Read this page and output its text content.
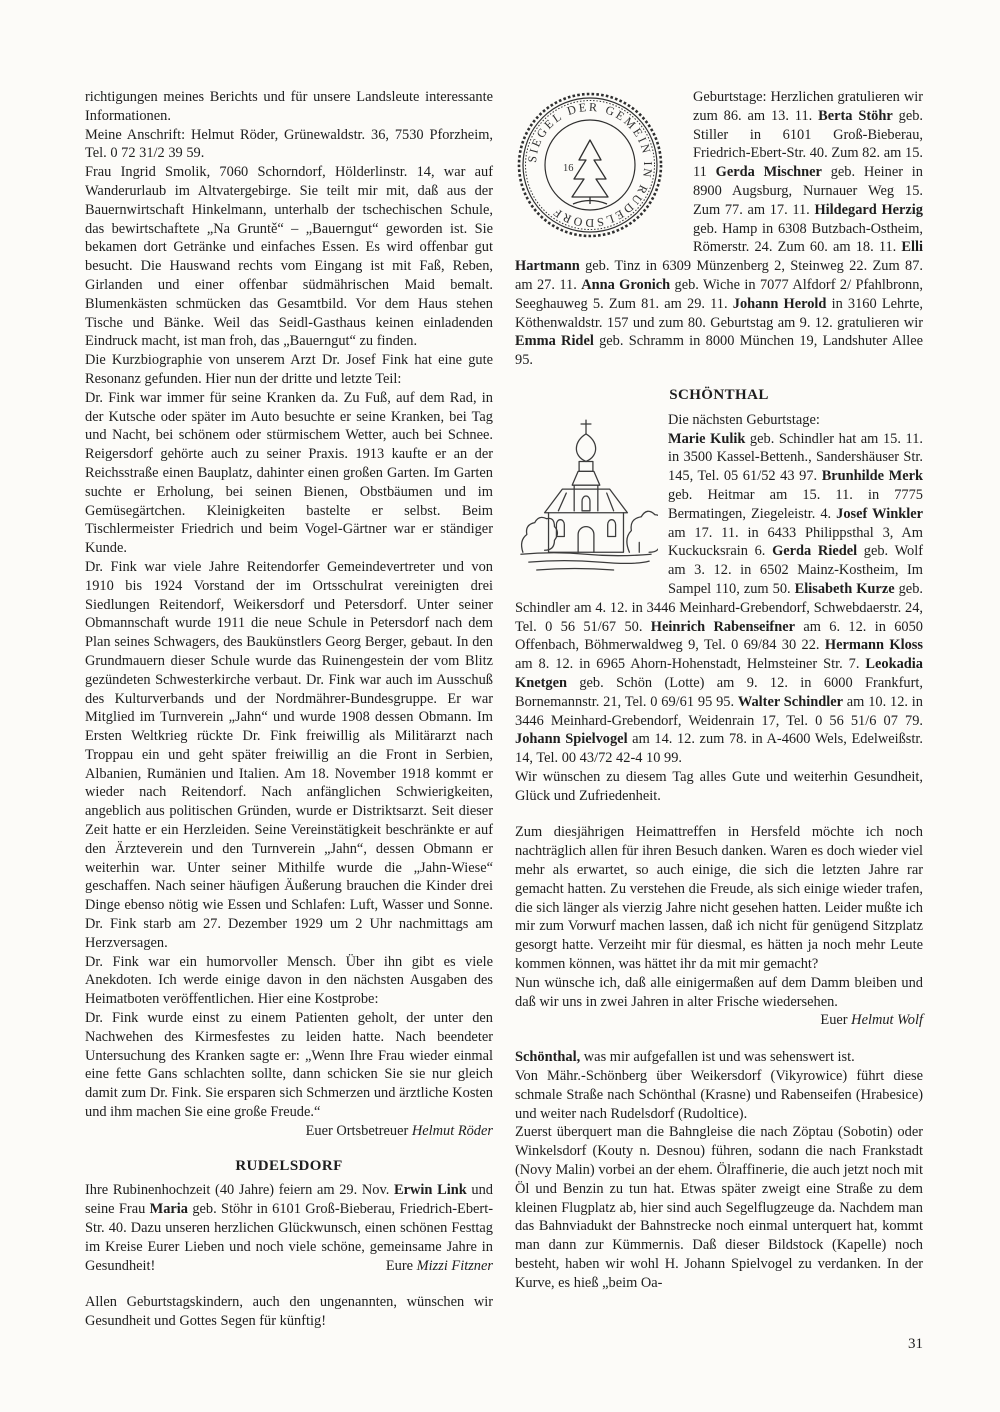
richtigungen meines Berichts und für unsere Landsleute interessante Informationen.

Meine Anschrift: Helmut Röder, Grünewaldstr. 36, 7530 Pforzheim, Tel. 0 72 31/2 39 59.

Frau Ingrid Smolik, 7060 Schorndorf, Hölderlinstr. 14, war auf Wanderurlaub im Altvatergebirge. Sie teilt mir mit, daß aus der Bauernwirtschaft Hinkelmann, unterhalb der tschechischen Schule, das bewirtschaftete „Na Gruntě“ – „Bauerngut“ geworden ist. Sie bekamen dort Getränke und einfaches Essen. Es wird offenbar gut besucht. Die Hauswand rechts vom Eingang ist mit Faß, Reben, Girlanden und einer offenbar südmährischen Maid bemalt. Blumenkästen schmücken das Gesamtbild. Vor dem Haus stehen Tische und Bänke. Weil das Seidl-Gasthaus keinen einladenden Eindruck macht, ist man froh, das „Bauerngut“ zu finden.

Die Kurzbiographie von unserem Arzt Dr. Josef Fink hat eine gute Resonanz gefunden. Hier nun der dritte und letzte Teil:

Dr. Fink war immer für seine Kranken da. Zu Fuß, auf dem Rad, in der Kutsche oder später im Auto besuchte er seine Kranken, bei Tag und Nacht, bei schönem oder stürmischem Wetter, auch bei Schnee. Reigersdorf gehörte auch zu seiner Praxis. 1913 kaufte er an der Reichsstraße einen Bauplatz, dahinter einen großen Garten. Im Garten suchte er Erholung, bei seinen Bienen, Obstbäumen und im Gemüsegärtchen. Kleinigkeiten bastelte er selbst. Beim Tischlermeister Friedrich und beim Vogel-Gärtner war er ständiger Kunde.

Dr. Fink war viele Jahre Reitendorfer Gemeindevertreter und von 1910 bis 1924 Vorstand der im Ortsschulrat vereinigten drei Siedlungen Reitendorf, Weikersdorf und Petersdorf. Unter seiner Obmannschaft wurde 1911 die neue Schule in Petersdorf nach dem Plan seines Schwagers, des Baukünstlers Georg Berger, gebaut. In den Grundmauern dieser Schule wurde das Ruinengestein der vom Blitz gezündeten Schwesterkirche verbaut. Dr. Fink war auch im Ausschuß des Kulturverbands und der Nordmährer-Bundesgruppe. Er war Mitglied im Turnverein „Jahn“ und wurde 1908 dessen Obmann. Im Ersten Weltkrieg rückte Dr. Fink freiwillig als Militärarzt nach Troppau ein und geht später freiwillig an die Front in Serbien, Albanien, Rumänien und Italien. Am 18. November 1918 kommt er wieder nach Reitendorf. Nach anfänglichen Schwierigkeiten, angeblich aus politischen Gründen, wurde er Distriktsarzt. Seit dieser Zeit hatte er ein Herzleiden. Seine Vereinstätigkeit beschränkte er auf den Ärzteverein und den Turnverein „Jahn“, dessen Obmann er weiterhin war. Unter seiner Mithilfe wurde die „Jahn-Wiese“ geschaffen. Nach seiner häufigen Äußerung brauchen die Kinder drei Dinge ebenso nötig wie Essen und Schlafen: Luft, Wasser und Sonne. Dr. Fink starb am 27. Dezember 1929 um 2 Uhr nachmittags am Herzversagen.

Dr. Fink war ein humorvoller Mensch. Über ihn gibt es viele Anekdoten. Ich werde einige davon in den nächsten Ausgaben des Heimatboten veröffentlichen. Hier eine Kostprobe:

Dr. Fink wurde einst zu einem Patienten geholt, der unter den Nachwehen des Kirmesfestes zu leiden hatte. Nach beendeter Untersuchung des Kranken sagte er: „Wenn Ihre Frau wieder einmal eine fette Gans schlachten sollte, dann schicken Sie sie nur gleich damit zum Dr. Fink. Sie ersparen sich Schmerzen und ärztliche Kosten und ihm machen Sie eine große Freude.“

Euer Ortsbetreuer Helmut Röder

RUDELSDORF

Ihre Rubinenhochzeit (40 Jahre) feiern am 29. Nov. Erwin Link und seine Frau Maria geb. Stöhr in 6101 Groß-Bieberau, Friedrich-Ebert-Str. 40. Dazu unseren herzlichen Glückwunsch, einen schönen Festtag im Kreise Eurer Lieben und noch viele schöne, gemeinsame Jahre in Gesundheit!	Eure Mizzi Fitzner

Allen Geburtstagskindern, auch den ungenannten, wünschen wir Gesundheit und Gottes Segen für künftig!

SIEGEL DER GEMEIN IN RUDELSDORF
16

Geburtstage: Herzlichen gratulieren wir zum 86. am 13. 11. Berta Stöhr geb. Stiller in 6101 Groß-Bieberau, Friedrich-Ebert-Str. 40. Zum 82. am 15. 11 Gerda Mischner geb. Heiner in 8900 Augsburg, Nurnauer Weg 15. Zum 77. am 17. 11. Hildegard Herzig geb. Hamp in 6308 Butzbach-Ostheim, Römerstr. 24. Zum 60. am 18. 11. Elli Hartmann geb. Tinz in 6309 Münzenberg 2, Steinweg 22. Zum 87. am 27. 11. Anna Gronich geb. Wiche in 7077 Alfdorf 2/ Pfahlbronn, Seeghauweg 5. Zum 81. am 29. 11. Johann Herold in 3160 Lehrte, Köthenwaldstr. 157 und zum 80. Geburtstag am 9. 12. gratulieren wir Emma Ridel geb. Schramm in 8000 München 19, Landshuter Allee 95.

SCHÖNTHAL

Die nächsten Geburtstage:

Marie Kulik geb. Schindler hat am 15. 11. in 3500 Kassel-Bettenh., Sandershäuser Str. 145, Tel. 05 61/52 43 97. Brunhilde Merk geb. Heitmar am 15. 11. in 7775 Bermatingen, Ziegeleistr. 4. Josef Winkler am 17. 11. in 6433 Philippsthal 3, Am Kuckucksrain 6. Gerda Riedel geb. Wolf am 3. 12. in 6502 Mainz-Kostheim, Im Sampel 110, zum 50. Elisabeth Kurze geb. Schindler am 4. 12. in 3446 Meinhard-Grebendorf, Schwebdaerstr. 24, Tel. 0 56 51/67 50. Heinrich Rabenseifner am 6. 12. in 6050 Offenbach, Böhmerwaldweg 9, Tel. 0 69/84 30 22. Hermann Kloss am 8. 12. in 6965 Ahorn-Hohenstadt, Helmsteiner Str. 7. Leokadia Knetgen geb. Schön (Lotte) am 9. 12. in 6000 Frankfurt, Bornemannstr. 21, Tel. 0 69/61 95 95. Walter Schindler am 10. 12. in 3446 Meinhard-Grebendorf, Weidenrain 17, Tel. 0 56 51/6 07 79. Johann Spielvogel am 14. 12. zum 78. in A-4600 Wels, Edelweißstr. 14, Tel. 00 43/72 42-4 10 99.

Wir wünschen zu diesem Tag alles Gute und weiterhin Gesundheit, Glück und Zufriedenheit.

Zum diesjährigen Heimattreffen in Hersfeld möchte ich noch nachträglich allen für ihren Besuch danken. Waren es doch wieder viel mehr als erwartet, so auch einige, die sich die letzten Jahre rar gemacht hatten. Zu verstehen die Freude, als sich einige wieder trafen, die sich länger als vierzig Jahre nicht gesehen hatten. Leider mußte ich mir zum Vorwurf machen lassen, daß ich nicht für genügend Sitzplatz gesorgt hatte. Verzeiht mir für diesmal, es hätten ja noch mehr Leute kommen können, was hättet ihr da mit mir gemacht?

Nun wünsche ich, daß alle einigermaßen auf dem Damm bleiben und daß wir uns in zwei Jahren in alter Frische wiedersehen.

Euer Helmut Wolf

Schönthal, was mir aufgefallen ist und was sehenswert ist.

Von Mähr.-Schönberg über Weikersdorf (Vikyrowice) führt diese schmale Straße nach Schönthal (Krasne) und Rabenseifen (Hrabesice) und weiter nach Rudelsdorf (Rudoltice).

Zuerst überquert man die Bahngleise die nach Zöptau (Sobotin) oder Winkelsdorf (Kouty n. Desnou) führen, sodann die nach Frankstadt (Novy Malin) vorbei an der ehem. Ölraffinerie, die auch jetzt noch mit Öl und Benzin zu tun hat. Etwas später zweigt eine Straße zu dem kleinen Flugplatz ab, hier sind auch Segelflugzeuge da. Nachdem man das Bahnviadukt der Bahnstrecke noch einmal unterquert hat, kommt man dann zur Kümmernis. Daß dieser Bildstock (Kapelle) noch besteht, haben wir wohl H. Johann Spielvogel zu verdanken. In der Kurve, es hieß „beim Oa-

31
